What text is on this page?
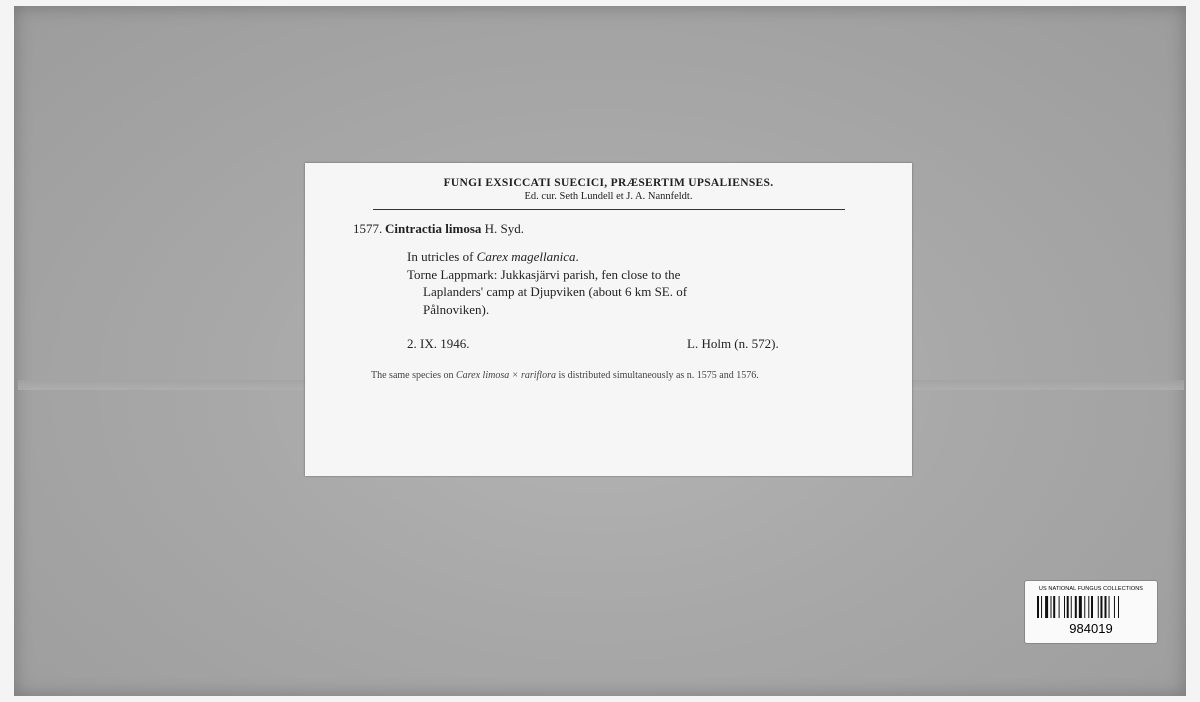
FUNGI EXSICCATI SUECICI, PRÆSERTIM UPSALIENSES.
Ed. cur. Seth Lundell et J. A. Nannfeldt.
1577. Cintractia limosa H. Syd.
In utricles of Carex magellanica.
Torne Lappmark: Jukkasjärvi parish, fen close to the
Laplanders' camp at Djupviken (about 6 km SE. of
Pålnoviken).
2. IX. 1946.	L. Holm (n. 572).
The same species on Carex limosa × rariflora is distributed simultaneously as n. 1575 and 1576.
US NATIONAL FUNGUS COLLECTIONS
984019
